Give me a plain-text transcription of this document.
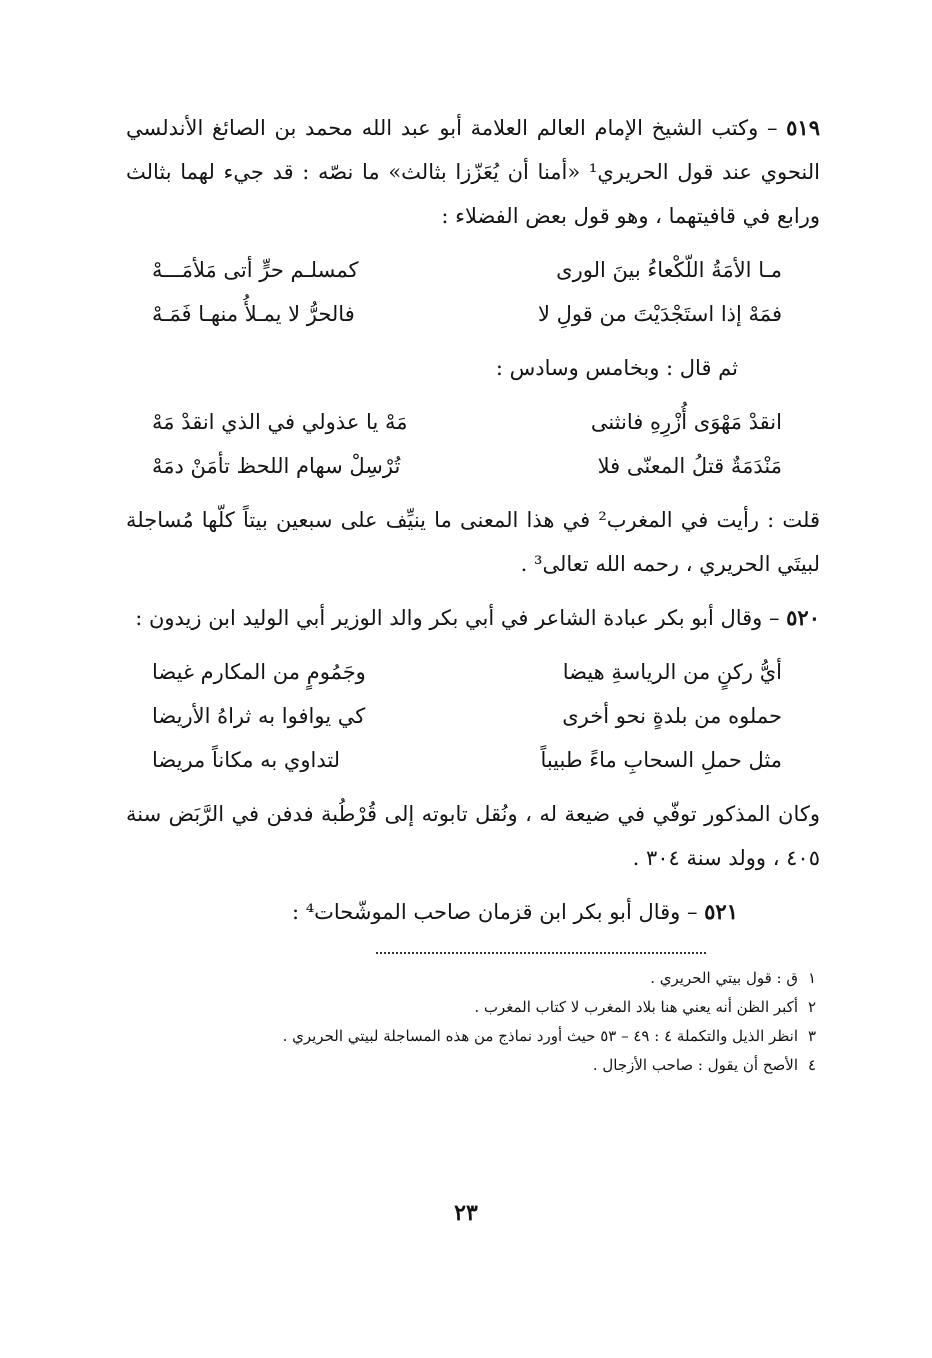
٥١٩ – وكتب الشيخ الإمام العالم العلامة أبو عبد الله محمد بن الصائغ الأندلسي النحوي عند قول الحريري¹ «أمنا أن يُعَزّزا بثالث» ما نصّه : قد جيء لهما بثالث ورابع في قافيتهما ، وهو قول بعض الفضلاء :

مـا الأمَةُ اللّكْعاءُ بينَ الورى
كمسلـم حرٍّ أتى مَلأمَـــهْ
فمَهْ إذا استَجْدَيْتَ من قولِ لا
فالحرُّ لا يمـلأُ منهـا فَمَـهْ

ثم قال : وبخامس وسادس :

انقدْ مَهْوَى أُزْرِهِ فانثنى
مَهْ يا عذولي في الذي انقدْ مَهْ
مَنْدَمَةٌ قتلُ المعنّى فلا
تُرْسِلْ سهام اللحظ تأمَنْ دمَهْ

قلت : رأيت في المغرب² في هذا المعنى ما ينيِّف على سبعين بيتاً كلّها مُساجلة لبيتَي الحريري ، رحمه الله تعالى³ .

٥٢٠ – وقال أبو بكر عبادة الشاعر في أبي بكر والد الوزير أبي الوليد ابن زيدون :

أيُّ ركنٍ من الرياسةِ هيضا
وجَمُومٍ من المكارم غيضا
حملوه من بلدةٍ نحو أخرى
كي يوافوا به ثراهُ الأريضا
مثل حملِ السحابِ ماءً طبيباً
لتداوي به مكاناً مريضا

وكان المذكور توفّي في ضيعة له ، ونُقل تابوته إلى قُرْطُبة فدفن في الرَّبَض سنة ٤٠٥ ، وولد سنة ٣٠٤ .

٥٢١ – وقال أبو بكر ابن قزمان صاحب الموشّحات⁴ :

١
ق : قول بيتي الحريري .
٢
أكبر الظن أنه يعني هنا بلاد المغرب لا كتاب المغرب .
٣
انظر الذيل والتكملة ٤ : ٤٩ – ٥٣ حيث أورد نماذج من هذه المساجلة لبيتي الحريري .
٤
الأصح أن يقول : صاحب الأزجال .
٢٣
